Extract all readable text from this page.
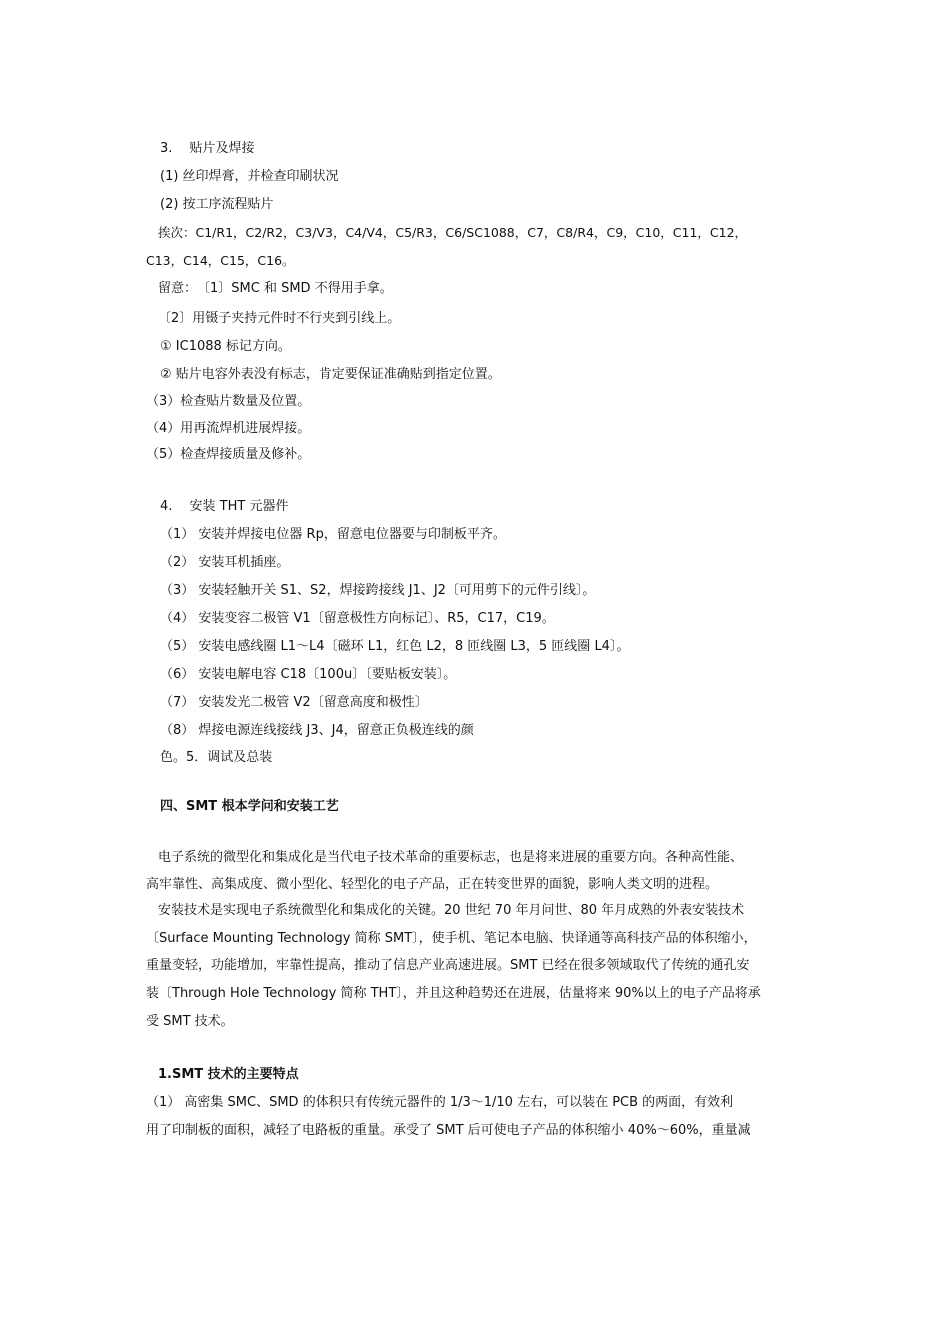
3.　 贴片及焊接
(1) 丝印焊膏，并检查印刷状况
(2) 按工序流程贴片
挨次：C1/R1，C2/R2，C3/V3，C4/V4，C5/R3，C6/SC1088，C7，C8/R4，C9，C10，C11，C12，
C13，C14，C15，C16。
留意：　〔1〕SMC 和 SMD 不得用手拿。
〔2〕用镊子夹持元件时不行夹到引线上。
① IC1088 标记方向。
② 贴片电容外表没有标志，肯定要保证准确贴到指定位置。
（3）检查贴片数量及位置。
（4）用再流焊机进展焊接。
（5）检查焊接质量及修补。
4.　 安装 THT 元器件
（1） 安装并焊接电位器 Rp，留意电位器要与印制板平齐。
（2） 安装耳机插座。
（3） 安装轻触开关 S1、S2，焊接跨接线 J1、J2〔可用剪下的元件引线〕。
（4） 安装变容二极管 V1〔留意极性方向标记〕、R5，C17，C19。
（5） 安装电感线圈 L1～L4〔磁环 L1，红色 L2，8 匝线圈 L3，5 匝线圈 L4〕。
（6） 安装电解电容 C18〔100u〕〔要贴板安装〕。
（7） 安装发光二极管 V2〔留意高度和极性〕
（8） 焊接电源连线接线 J3、J4，留意正负极连线的颜
色。5．调试及总装
四、SMT 根本学问和安装工艺
电子系统的微型化和集成化是当代电子技术革命的重要标志，也是将来进展的重要方向。各种高性能、
高牢靠性、高集成度、微小型化、轻型化的电子产品，正在转变世界的面貌，影响人类文明的进程。
安装技术是实现电子系统微型化和集成化的关键。20 世纪 70 年月问世、80 年月成熟的外表安装技术
〔Surface Mounting Technology 简称 SMT〕，使手机、笔记本电脑、快译通等高科技产品的体积缩小，
重量变轻，功能增加，牢靠性提高，推动了信息产业高速进展。SMT 已经在很多领域取代了传统的通孔安
装〔Through Hole Technology 简称 THT〕，并且这种趋势还在进展，估量将来 90%以上的电子产品将承
受 SMT 技术。
1.SMT 技术的主要特点
（1） 高密集 SMC、SMD 的体积只有传统元器件的 1/3～1/10 左右，可以装在 PCB 的两面，有效利
用了印制板的面积，减轻了电路板的重量。承受了 SMT 后可使电子产品的体积缩小 40%～60%，重量减
